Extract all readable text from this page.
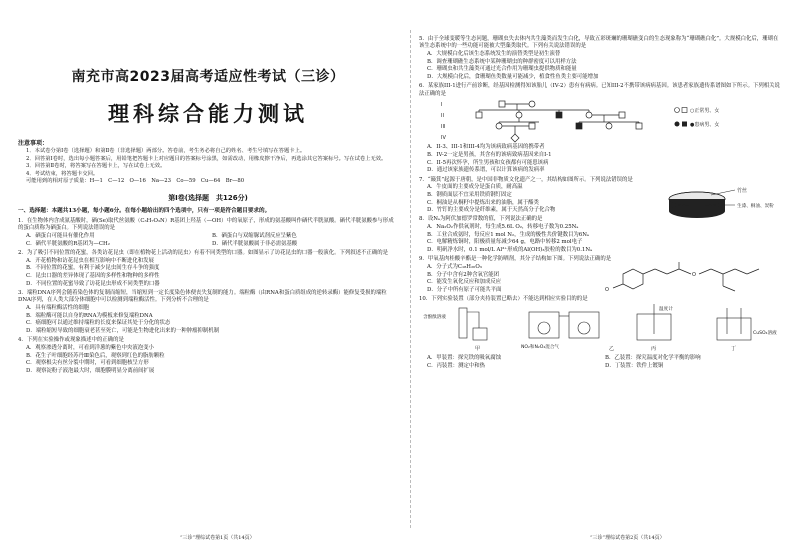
南充市高2023届高考适应性考试（三诊）
理科综合能力测试
注意事项：

1．本试卷分第Ⅰ卷（选择题）和第Ⅱ卷（非选择题）两部分。答卷前，考生务必将自己的姓名、考生号填写在答题卡上。

2．回答第Ⅰ卷时，选出每小题答案后，用铅笔把答题卡上对应题目的答案标号涂黑，如需改动，用橡皮擦干净后，再选涂其它答案标号。写在试卷上无效。

3．回答第Ⅱ卷时，将答案写在答题卡上，写在试卷上无效。

4．考试结束，将答题卡交回。

可能用到的相对原子质量：H—1　C—12　O—16　Na—23　Co—59　Cu—64　Br—80

第Ⅰ卷(选择题　共126分)
一、选择题：本题共13小题，每小题6分。在每小题给出的四个选项中，只有一项是符合题目要求的。
1．在生物体内含成氨基酸时，硒(Se)取代丝氨酸（C₃H₇O₃N）R基团上羟基（—OH）中的氧原子，形成的氨基酸叫作硒代半胱氨酸。硒代半胱氨酸参与形成的蛋白质称为硒蛋白。下列说法错误的是
A．硒蛋白可能具有催化作用	B．硒蛋白与双缩脲试剂反应呈紫色
C．硒代半胱氨酸的R基团为—CH₂	D．硒代半胱氨酸属于非必需氨基酸
2．为了吸引不同位置的花蜜，各类访花昆虫（即在植物花上活动的昆虫）有着不同类型的口器。如图显示了访花昆虫的口器一般演化。下列叙述不正确的是
A．开花植物和访花昆虫在相互影响中不断进化和发展
B．不同位置的花蜜，有利于减少昆虫间生存斗争的强度
C．昆虫口器的差异体现了基因的多样性和物种的多样性
D．不同位置的花蜜导致了访花昆虫形成不同类型的口器
3．端粒DNA序列会随着染色体的复制而缩短，当缩短到一定长度染色体便丧失复制的能力。端粒酶（由RNA和蛋白质组成的逆转录酶）能修复受损的端粒DNA序列，在人类大部分体细胞中可以检测到端粒酶活性。下列分析不合理的是
A．具有端粒酶活性的细胞
B．端粒酶可能以自身的RNA为模板来修复端粒DNA
C．癌细胞可以通过维持端粒的长度来保证其处于分化的状态
D．端粒缩短导致的细胞衰老甚至死亡，可能是生物进化出来的一种肿瘤抑制机制
4．下列在实验操作或现象描述中的正确的是
A．观察渗透分离时，可看到洋葱的紫色中央液泡变小
B．花生子叶细胞经苏丹Ⅲ染色后，观察到红色的脂肪颗粒
C．观察根尖有丝分裂中期时，可看到细胞核呈方形
D．观察淀粉子液泡最大时，细胞膜明显分离前间扩展
5．由于全球变暖等生态问题，珊瑚虫失去体内共生藻类而发生白化，导致五彩斑斓的珊瑚礁变白的生态现象称为“珊瑚礁白化”。大规模白化后，珊瑚在该生态系统中的一些功能可能被大型藻类取代。下列有关说法错误的是
A．大规模白化后该生态系统发生的演替类型是初生演替
B．调查珊瑚礁生态系统中某种珊瑚虫的种群密度可以用样方法
C．珊瑚虫和共生藻类可通过光合作用为珊瑚虫提供物质和能量
D．大规模白化后，食珊瑚鱼类数量可能减少，植食性鱼类主要可能增加
6．某家族III-1进行产前诊断，经基因检测得知该胎儿（IV-2）患有有病病。已知III-2不携带该病病基因。该患者家族遗传系谱图如下所示。下列相关说法正确的是
I
II
III
IV
○正常男、女
●患病男、女
A．II-3、III-1和III-4均为该病致病基因的携带者
B．IV-2一定是男孩，其含有的该病致病基因来自I-1
C．II-5再次怀孕，所生男孩和女孩都有可能患该病
D．通过该家族遗传系谱，可以计算该病的发病率
7．“簸箕”起源于唐朝，是中国非物质文化遗产之一，其结构如图所示。下列说法错误的是
A．牛皮面的主要成分是蛋白质，耐高温
B．钢质面层不宜采用铁质钢钉固定
C．桐油是从桐籽中提炼出来的油脂，属于酯类
D．竹钉的主要成分是纤维素，属于天然高分子化合物
竹丝
生漆、桐油、炭粉
8．设Nₐ为阿伏加德罗常数的值，下列说法正确的是
A．Na₂O₂作供氧剂时，每生成5.6L O₂，转移电子数为0.25Nₐ
B．工业合成氨时，每反应1 mol N₂，生成的极性共价键数目为6Nₐ
C．电解精炼铜时，阳极质量每减少64 g，电路中转移2 mol电子
D．明矾净水时，0.1 mol/L Al³⁺形成的Al(OH)₃胶粒的数目为0.1Nₐ
9．甲氧基肉桂酸辛酯是一种化学防晒剂，其分子结构如下图。下列说法正确的是
A．分子式为C₁₈H₂₆O₃
B．分子中含有2种含氧官能团
C．能发生氧化反应和加成反应
D．分子中所有原子可能共平面	O
O
10．下列实验装置（部分夹持装置已略去）不能达到相应实验目的的是
含酚酞溶液
NO₂和N₂O₄混合气
温度计
CuSO₄溶液
甲	乙	丙	丁
A．甲装置：探究铁的吸氧腐蚀	B．乙装置：探究温度对化学平衡的影响
C．丙装置：测定中和热	D．丁装置：铁件上镀铜
“三诊”理综试卷第1页（共14页）	“三诊”理综试卷第2页（共14页）
